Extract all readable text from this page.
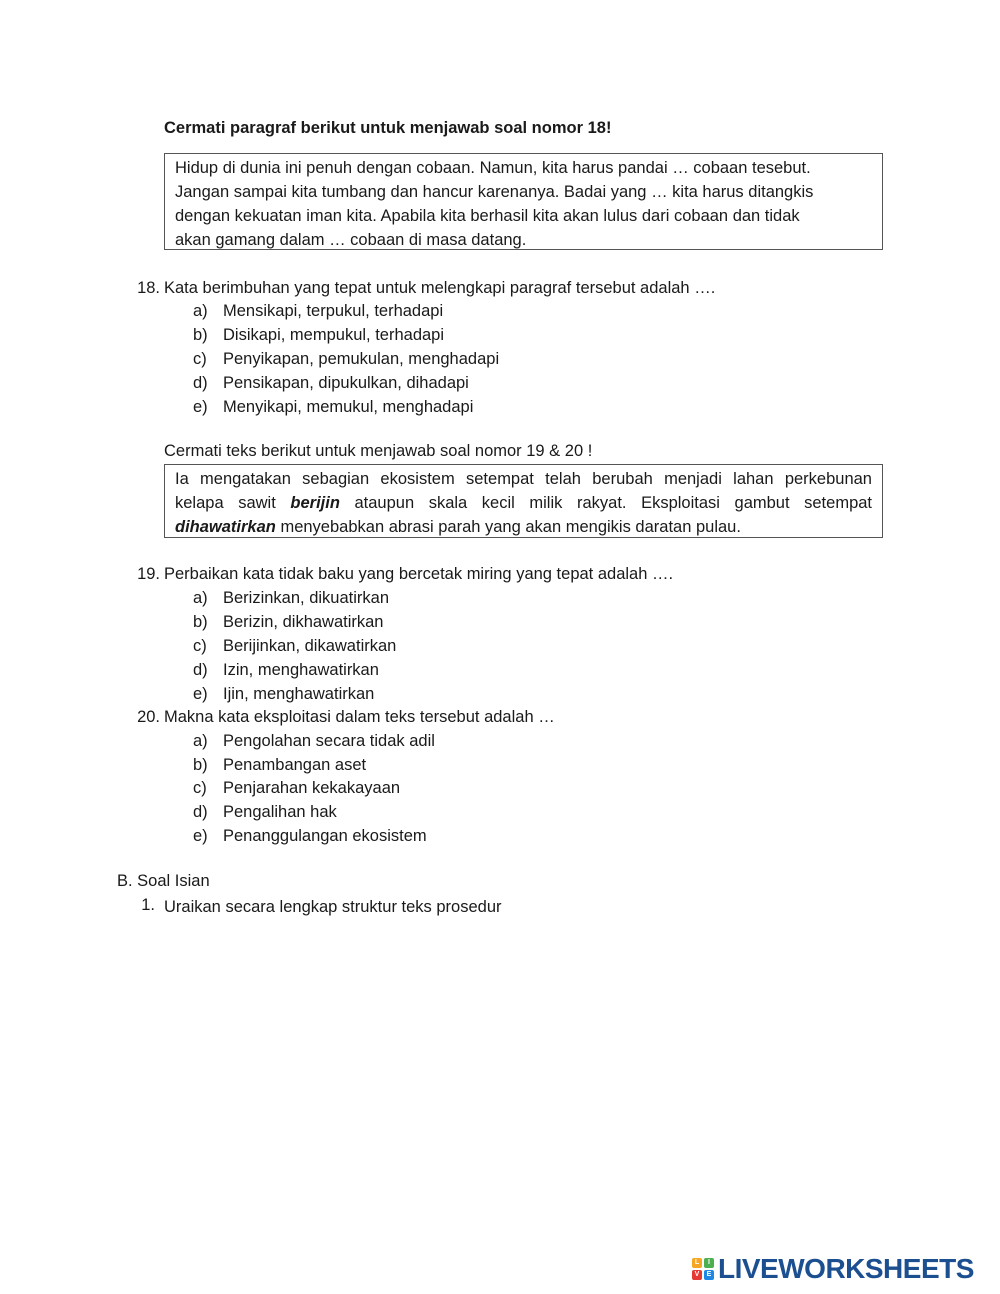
Cermati paragraf berikut untuk menjawab soal nomor 18!
Hidup di dunia ini penuh dengan cobaan. Namun, kita harus pandai … cobaan tesebut.
Jangan sampai kita tumbang dan hancur karenanya. Badai yang … kita harus ditangkis
dengan kekuatan iman kita. Apabila kita berhasil kita akan lulus dari cobaan dan tidak
akan gamang dalam … cobaan di masa datang.
18. Kata berimbuhan yang tepat untuk melengkapi paragraf tersebut adalah ….
a) Mensikapi, terpukul, terhadapi
b) Disikapi, mempukul, terhadapi
c) Penyikapan, pemukulan, menghadapi
d) Pensikapan, dipukulkan, dihadapi
e) Menyikapi, memukul, menghadapi
Cermati teks berikut untuk menjawab soal nomor 19 & 20 !
Ia mengatakan sebagian ekosistem setempat telah berubah menjadi lahan perkebunan
kelapa sawit berijin ataupun skala kecil milik rakyat. Eksploitasi gambut setempat
dihawatirkan menyebabkan abrasi parah yang akan mengikis daratan pulau.
19. Perbaikan kata tidak baku yang bercetak miring yang tepat adalah ….
a) Berizinkan, dikuatirkan
b) Berizin, dikhawatirkan
c) Berijinkan, dikawatirkan
d) Izin, menghawatirkan
e) Ijin, menghawatirkan
20. Makna kata eksploitasi dalam teks tersebut adalah …
a) Pengolahan secara tidak adil
b) Penambangan aset
c) Penjarahan kekakayaan
d) Pengalihan hak
e) Penanggulangan ekosistem
B. Soal Isian
1. Uraikan secara lengkap struktur teks prosedur
L	I
V	E LIVEWORKSHEETS
